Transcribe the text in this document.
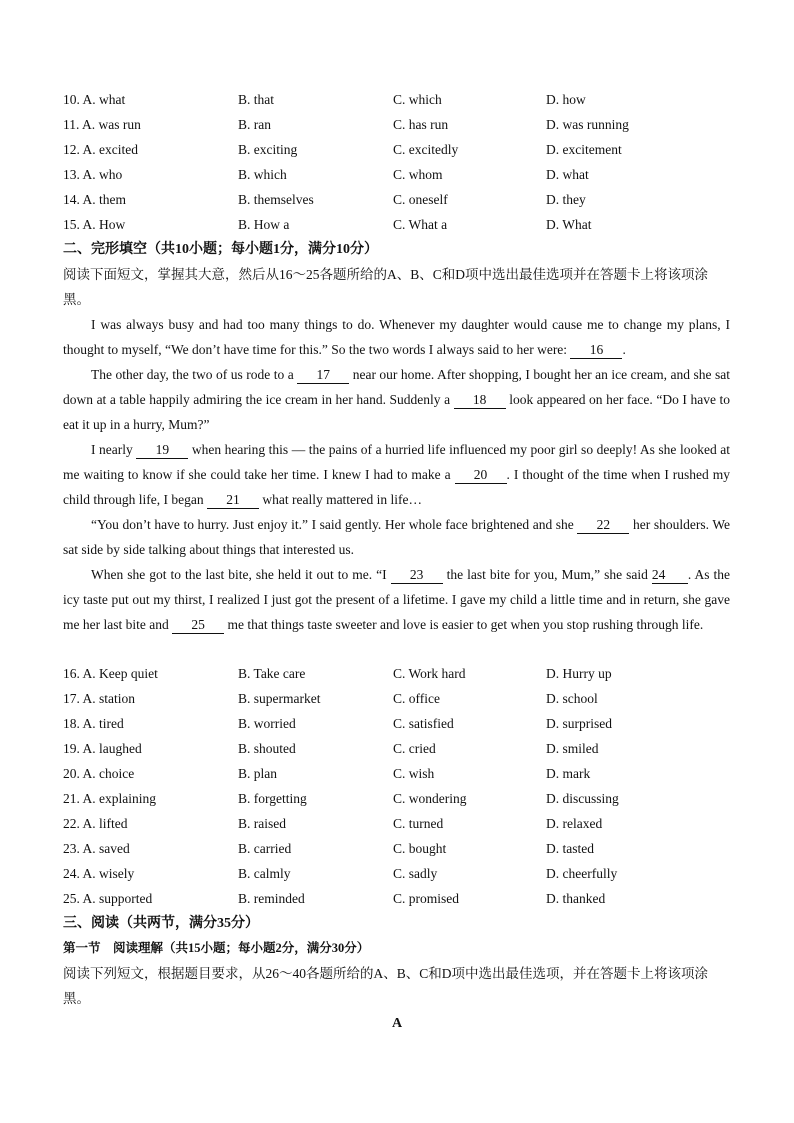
10. A. what	B. that	C. which	D. how
11. A. was run	B. ran	C. has run	D. was running
12. A. excited	B. exciting	C. excitedly	D. excitement
13. A. who	B. which	C. whom	D. what
14. A. them	B. themselves	C. oneself	D. they
15. A. How	B. How a	C. What a	D. What
二、完形填空（共10小题；每小题1分，满分10分）
阅读下面短文，掌握其大意，然后从16～25各题所给的A、B、C和D项中选出最佳选项并在答题卡上将该项涂黑。
I was always busy and had too many things to do. Whenever my daughter would cause me to change my plans, I thought to myself, “We don’t have time for this.” So the two words I always said to her were: 16 .
The other day, the two of us rode to a 17 near our home. After shopping, I bought her an ice cream, and she sat down at a table happily admiring the ice cream in her hand. Suddenly a 18 look appeared on her face. “Do I have to eat it up in a hurry, Mum?”
I nearly 19 when hearing this — the pains of a hurried life influenced my poor girl so deeply! As she looked at me waiting to know if she could take her time. I knew I had to make a 20 . I thought of the time when I rushed my child through life, I began 21 what really mattered in life…
“You don’t have to hurry. Just enjoy it.” I said gently. Her whole face brightened and she 22 her shoulders. We sat side by side talking about things that interested us.
When she got to the last bite, she held it out to me. “I 23 the last bite for you, Mum,” she said 24 . As the icy taste put out my thirst, I realized I just got the present of a lifetime. I gave my child a little time and in return, she gave me her last bite and 25 me that things taste sweeter and love is easier to get when you stop rushing through life.
16. A. Keep quiet	B. Take care	C. Work hard	D. Hurry up
17. A. station	B. supermarket	C. office	D. school
18. A. tired	B. worried	C. satisfied	D. surprised
19. A. laughed	B. shouted	C. cried	D. smiled
20. A. choice	B. plan	C. wish	D. mark
21. A. explaining	B. forgetting	C. wondering	D. discussing
22. A. lifted	B. raised	C. turned	D. relaxed
23. A. saved	B. carried	C. bought	D. tasted
24. A. wisely	B. calmly	C. sadly	D. cheerfully
25. A. supported	B. reminded	C. promised	D. thanked
三、阅读（共两节，满分35分）
第一节　阅读理解（共15小题；每小题2分，满分30分）
阅读下列短文，根据题目要求，从26～40各题所给的A、B、C和D项中选出最佳选项，并在答题卡上将该项涂黑。
A
